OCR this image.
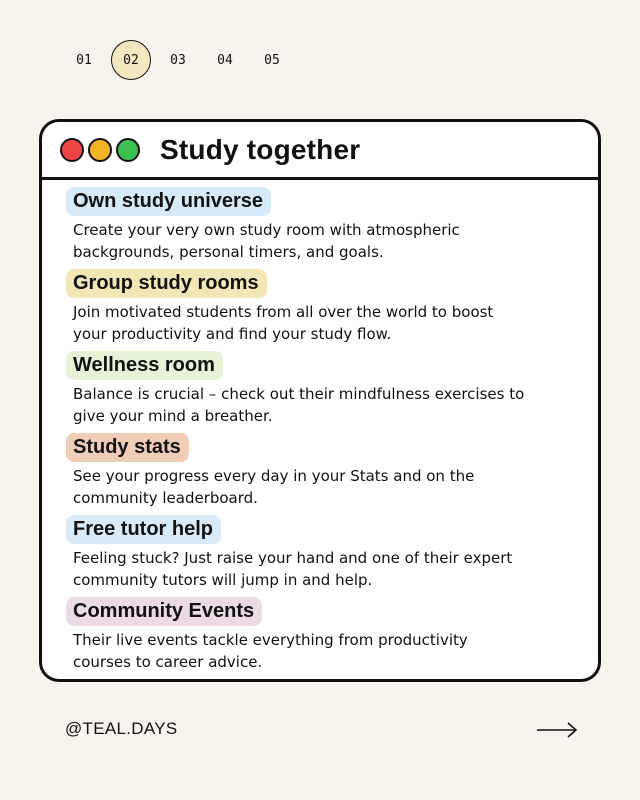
01	02	03	04	05
Study together
Own study universe
Create your very own study room with atmospheric backgrounds, personal timers, and goals.
Group study rooms
Join motivated students from all over the world to boost your productivity and find your study flow.
Wellness room
Balance is crucial – check out their mindfulness exercises to give your mind a breather.
Study stats
See your progress every day in your Stats and on the community leaderboard.
Free tutor help
Feeling stuck? Just raise your hand and one of their expert community tutors will jump in and help.
Community Events
Their live events tackle everything from productivity courses to career advice.
@TEAL.DAYS
